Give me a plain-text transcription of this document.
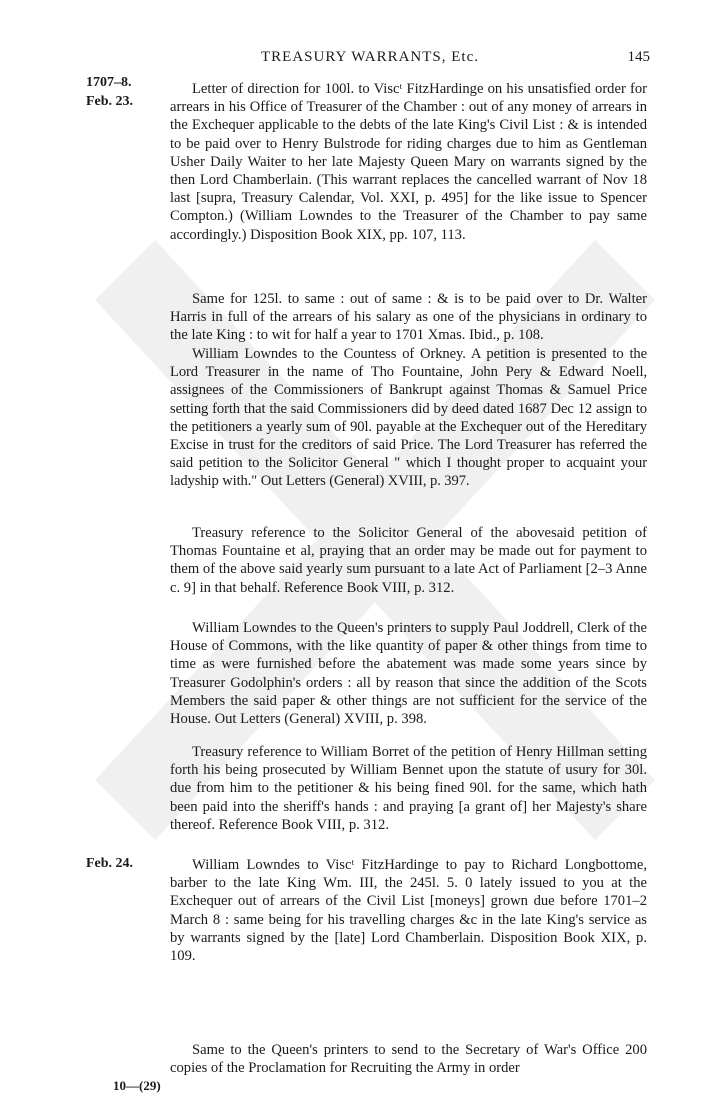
TREASURY WARRANTS, Etc.	145
1707–8.
Feb. 23.

Letter of direction for 100l. to Viscᵗ FitzHardinge on his unsatisfied order for arrears in his Office of Treasurer of the Chamber : out of any money of arrears in the Exchequer applicable to the debts of the late King's Civil List : & is intended to be paid over to Henry Bulstrode for riding charges due to him as Gentleman Usher Daily Waiter to her late Majesty Queen Mary on warrants signed by the then Lord Chamberlain. (This warrant replaces the cancelled warrant of Nov 18 last [supra, Treasury Calendar, Vol. XXI, p. 495] for the like issue to Spencer Compton.) (William Lowndes to the Treasurer of the Chamber to pay same accordingly.) Disposition Book XIX, pp. 107, 113.

Same for 125l. to same : out of same : & is to be paid over to Dr. Walter Harris in full of the arrears of his salary as one of the physicians in ordinary to the late King : to wit for half a year to 1701 Xmas. Ibid., p. 108.

William Lowndes to the Countess of Orkney. A petition is presented to the Lord Treasurer in the name of Tho Fountaine, John Pery & Edward Noell, assignees of the Commissioners of Bankrupt against Thomas & Samuel Price setting forth that the said Commissioners did by deed dated 1687 Dec 12 assign to the petitioners a yearly sum of 90l. payable at the Exchequer out of the Hereditary Excise in trust for the creditors of said Price. The Lord Treasurer has referred the said petition to the Solicitor General " which I thought proper to acquaint your ladyship with." Out Letters (General) XVIII, p. 397.

Treasury reference to the Solicitor General of the abovesaid petition of Thomas Fountaine et al, praying that an order may be made out for payment to them of the above said yearly sum pursuant to a late Act of Parliament [2–3 Anne c. 9] in that behalf. Reference Book VIII, p. 312.

William Lowndes to the Queen's printers to supply Paul Joddrell, Clerk of the House of Commons, with the like quantity of paper & other things from time to time as were furnished before the abatement was made some years since by Treasurer Godolphin's orders : all by reason that since the addition of the Scots Members the said paper & other things are not sufficient for the service of the House. Out Letters (General) XVIII, p. 398.

Treasury reference to William Borret of the petition of Henry Hillman setting forth his being prosecuted by William Bennet upon the statute of usury for 30l. due from him to the petitioner & his being fined 90l. for the same, which hath been paid into the sheriff's hands : and praying [a grant of] her Majesty's share thereof. Reference Book VIII, p. 312.

Feb. 24.	William Lowndes to Viscᵗ FitzHardinge to pay to Richard Longbottome, barber to the late King Wm. III, the 245l. 5. 0 lately issued to you at the Exchequer out of arrears of the Civil List [moneys] grown due before 1701–2 March 8 : same being for his travelling charges &c in the late King's service as by warrants signed by the [late] Lord Chamberlain. Disposition Book XIX, p. 109.

Same to the Queen's printers to send to the Secretary of War's Office 200 copies of the Proclamation for Recruiting the Army in order

10—(29)
